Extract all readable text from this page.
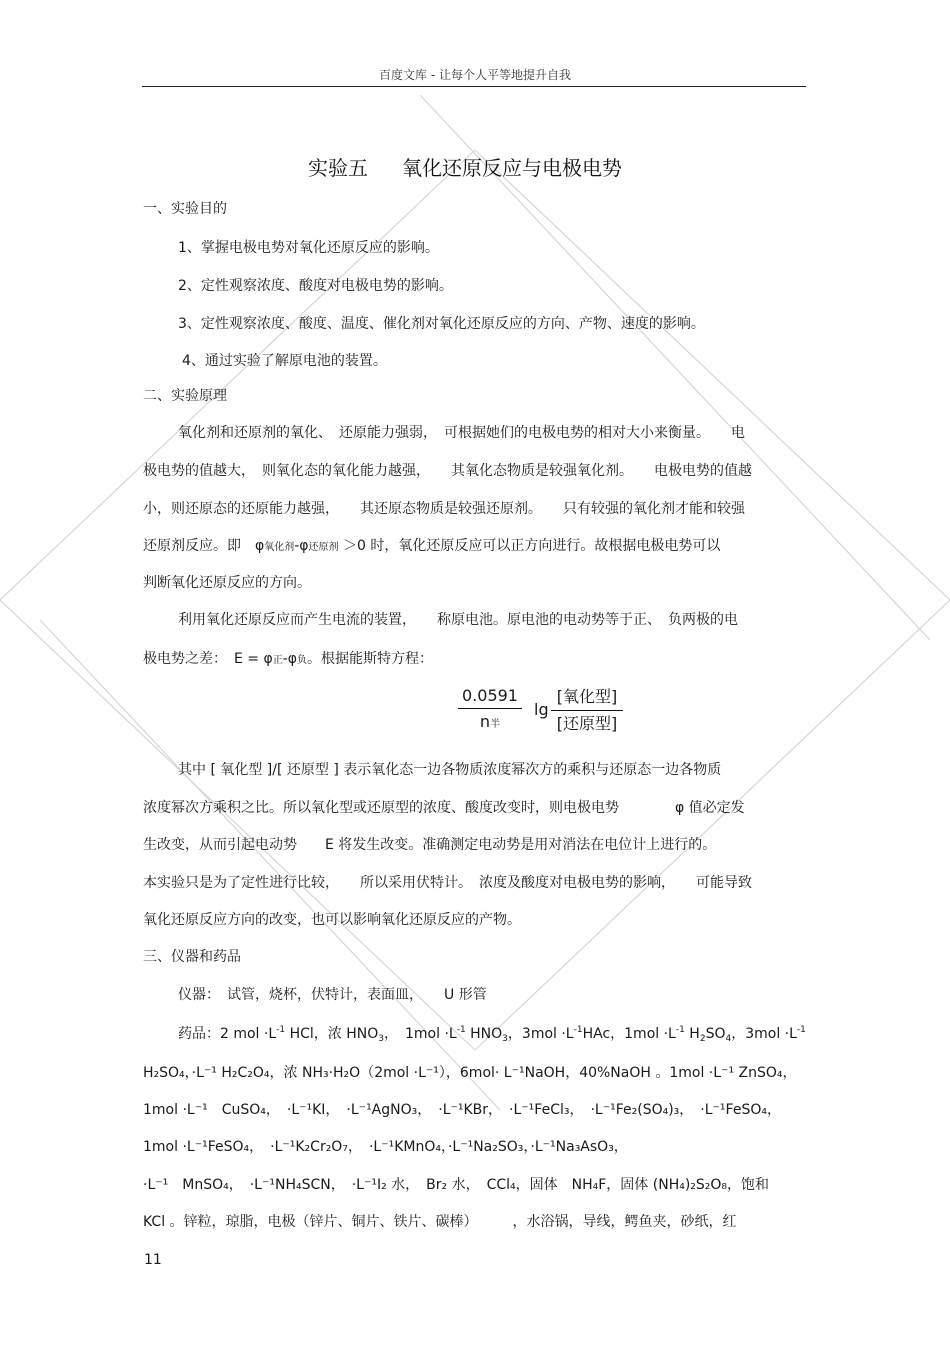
百度文库 - 让每个人平等地提升自我
实验五 氧化还原反应与电极电势
一、实验目的
1、掌握电极电势对氧化还原反应的影响。
2、定性观察浓度、酸度对电极电势的影响。
3、定性观察浓度、酸度、温度、催化剂对氧化还原反应的方向、产物、速度的影响。
4、通过实验了解原电池的装置。
二、实验原理
氧化剂和还原剂的氧化、　还原能力强弱，　可根据她们的电极电势的相对大小来衡量。　　电
极电势的值越大，　则氧化态的氧化能力越强，　　其氧化态物质是较强氧化剂。　　电极电势的值越
小，则还原态的还原能力越强，　　其还原态物质是较强还原剂。　　只有较强的氧化剂才能和较强
还原剂反应。即　 φ氧化剂-φ还原剂 ＞0 时，氧化还原反应可以正方向进行。故根据电极电势可以
判断氧化还原反应的方向。
利用氧化还原反应而产生电流的装置，　　称原电池。原电池的电动势等于正、　负两极的电
极电势之差：　E = φ正-φ负。根据能斯特方程：
0.0591
n半
lg
[氧化型]
[还原型]
其中 [ 氧化型 ]/[ 还原型 ] 表示氧化态一边各物质浓度幂次方的乘积与还原态一边各物质
浓度幂次方乘积之比。所以氧化型或还原型的浓度、酸度改变时，则电极电势　　　　φ 值必定发
生改变，从而引起电动势　　E 将发生改变。准确测定电动势是用对消法在电位计上进行的。
本实验只是为了定性进行比较，　　所以采用伏特计。　浓度及酸度对电极电势的影响，　　可能导致
氧化还原反应方向的改变，也可以影响氧化还原反应的产物。
三、仪器和药品
仪器：　试管，烧杯，伏特计，表面皿，　　U 形管
药品：2 mol $\cdot L^{-1}$ HCl，浓 $HNO_3$，　$1mol \cdot L^{-1}$ $HNO_3$，$3mol \cdot L^{-1}HAc$，$1mol \cdot L^{-1}$ $H_2SO_4$，$3mol \cdot L^{-1}$
H₂SO₄，·L⁻¹ H₂C₂O₄，浓 NH₃·H₂O（2mol ·L⁻¹），6mol· L⁻¹NaOH，40%NaOH 。1mol ·L⁻¹ ZnSO₄，
1mol ·L⁻¹　CuSO₄，　·L⁻¹KI，　·L⁻¹AgNO₃，　·L⁻¹KBr，　·L⁻¹FeCl₃，　·L⁻¹Fe₂(SO₄)₃，　·L⁻¹FeSO₄，
1mol ·L⁻¹FeSO₄，　·L⁻¹K₂Cr₂O₇，　·L⁻¹KMnO₄，·L⁻¹Na₂SO₃，·L⁻¹Na₃AsO₃，
·L⁻¹　MnSO₄，　·L⁻¹NH₄SCN，　·L⁻¹I₂ 水，　Br₂ 水，　CCl₄，固体　NH₄F，固体 (NH₄)₂S₂O₈，饱和
KCl 。锌粒，琼脂，电极（锌片、铜片、铁片、碳棒）　　　，水浴锅，导线，鳄鱼夹，砂纸，红
11
